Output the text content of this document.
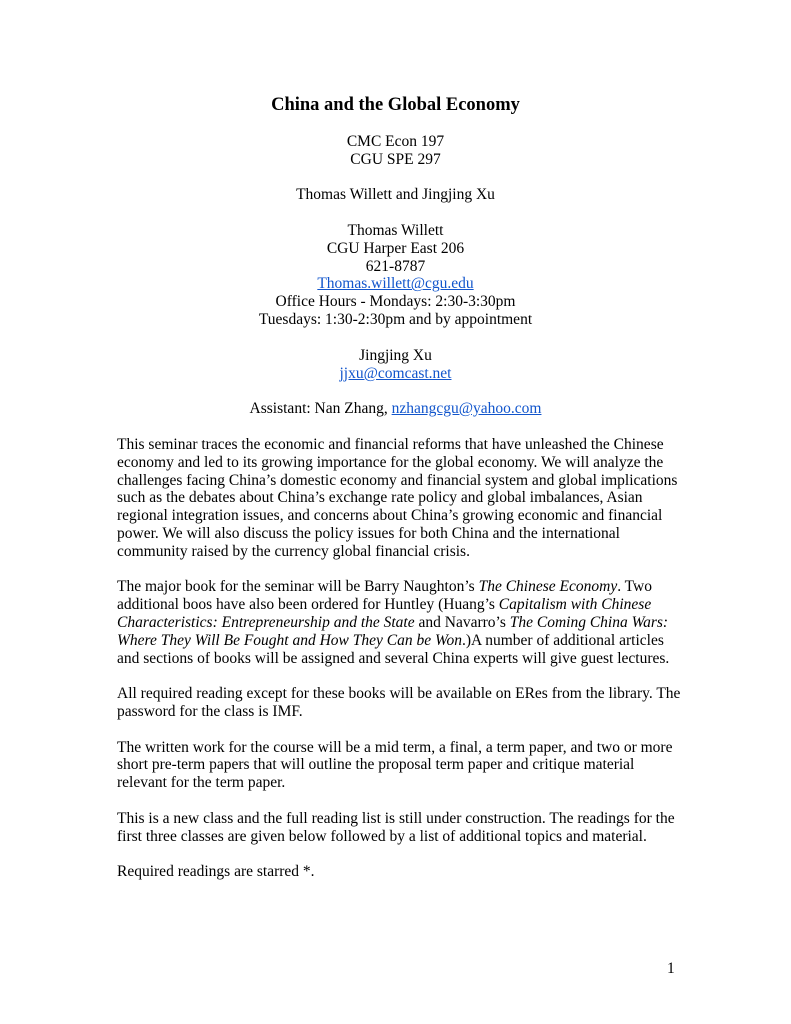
China and the Global Economy
CMC Econ 197
CGU SPE 297
Thomas Willett and Jingjing Xu
Thomas Willett
CGU Harper East 206
621-8787
Thomas.willett@cgu.edu
Office Hours - Mondays: 2:30-3:30pm
Tuesdays: 1:30-2:30pm and by appointment
Jingjing Xu
jjxu@comcast.net
Assistant: Nan Zhang, nzhangcgu@yahoo.com

This seminar traces the economic and financial reforms that have unleashed the Chinese economy and led to its growing importance for the global economy. We will analyze the challenges facing China’s domestic economy and financial system and global implications such as the debates about China’s exchange rate policy and global imbalances, Asian regional integration issues, and concerns about China’s growing economic and financial power. We will also discuss the policy issues for both China and the international community raised by the currency global financial crisis.

The major book for the seminar will be Barry Naughton’s The Chinese Economy. Two additional boos have also been ordered for Huntley (Huang’s Capitalism with Chinese Characteristics: Entrepreneurship and the State and Navarro’s The Coming China Wars: Where They Will Be Fought and How They Can be Won.)A number of additional articles and sections of books will be assigned and several China experts will give guest lectures.

All required reading except for these books will be available on ERes from the library. The password for the class is IMF.

The written work for the course will be a mid term, a final, a term paper, and two or more short pre-term papers that will outline the proposal term paper and critique material relevant for the term paper.

This is a new class and the full reading list is still under construction. The readings for the first three classes are given below followed by a list of additional topics and material.

Required readings are starred *.

1
